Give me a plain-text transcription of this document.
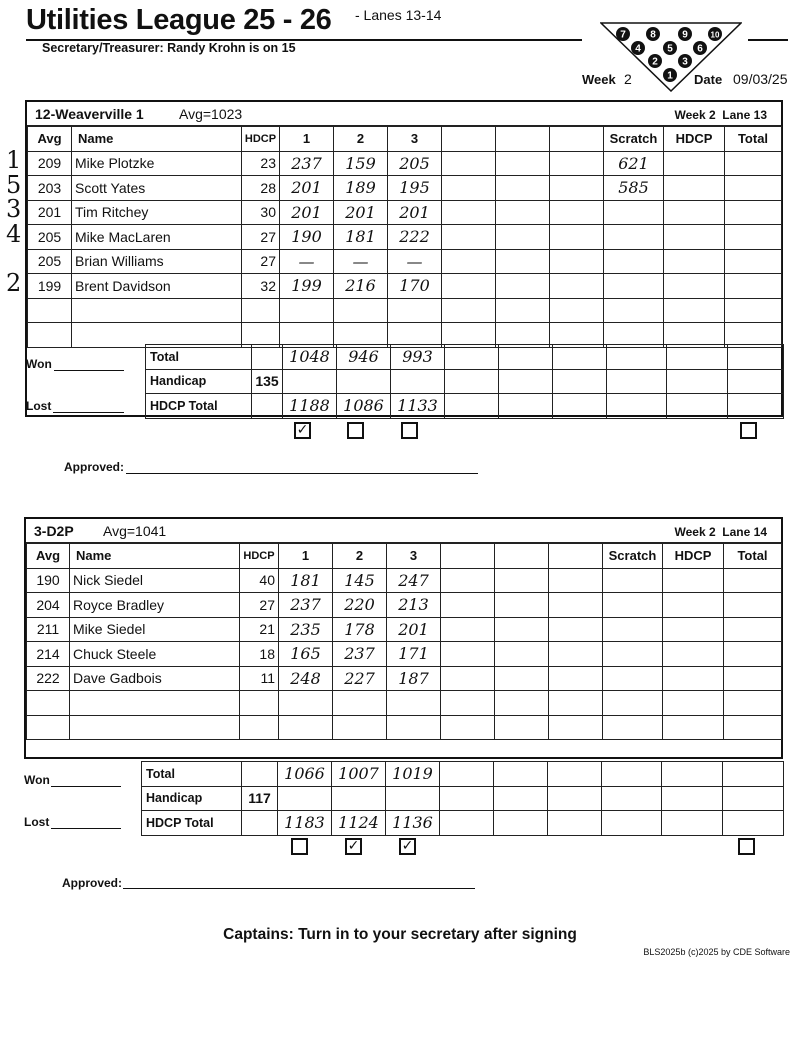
Utilities League 25 - 26 - Lanes 13-14
Secretary/Treasurer: Randy Krohn is on 15
7 8	9	10
4	5 6
2 3
1
Week 2	Date 09/03/25
12-Weaverville 1	Avg=1023	Week 2  Lane 13
Avg	Name	HDCP	1	2	3				Scratch	HDCP	Total
209	Mike Plotzke	23	237	159	205				621		
203	Scott Yates	28	201	189	195				585		
201	Tim Ritchey	30	201	201	201						
205	Mike MacLaren	27	190	181	222						
205	Brian Williams	27	—	—	—						
199	Brent Davidson	32	199	216	170						

Total		1048	946	993						
Handicap	135									
HDCP Total		1188	1086	1133						
Won
Lost
✓
Approved:
1
5
3
4
2
3-D2P Avg=1041	Week 2  Lane 14
Avg	Name	HDCP	1	2	3				Scratch	HDCP	Total
190	Nick Siedel	40	181	145	247						
204	Royce Bradley	27	237	220	213						
211	Mike Siedel	21	235	178	201						
214	Chuck Steele	18	165	237	171						
222	Dave Gadbois	11	248	227	187						

Total		1066	1007	1019						
Handicap	117									
HDCP Total		1183	1124	1136						
Won
Lost
✓	✓
Approved:
Captains: Turn in to your secretary after signing
BLS2025b (c)2025 by CDE Software
